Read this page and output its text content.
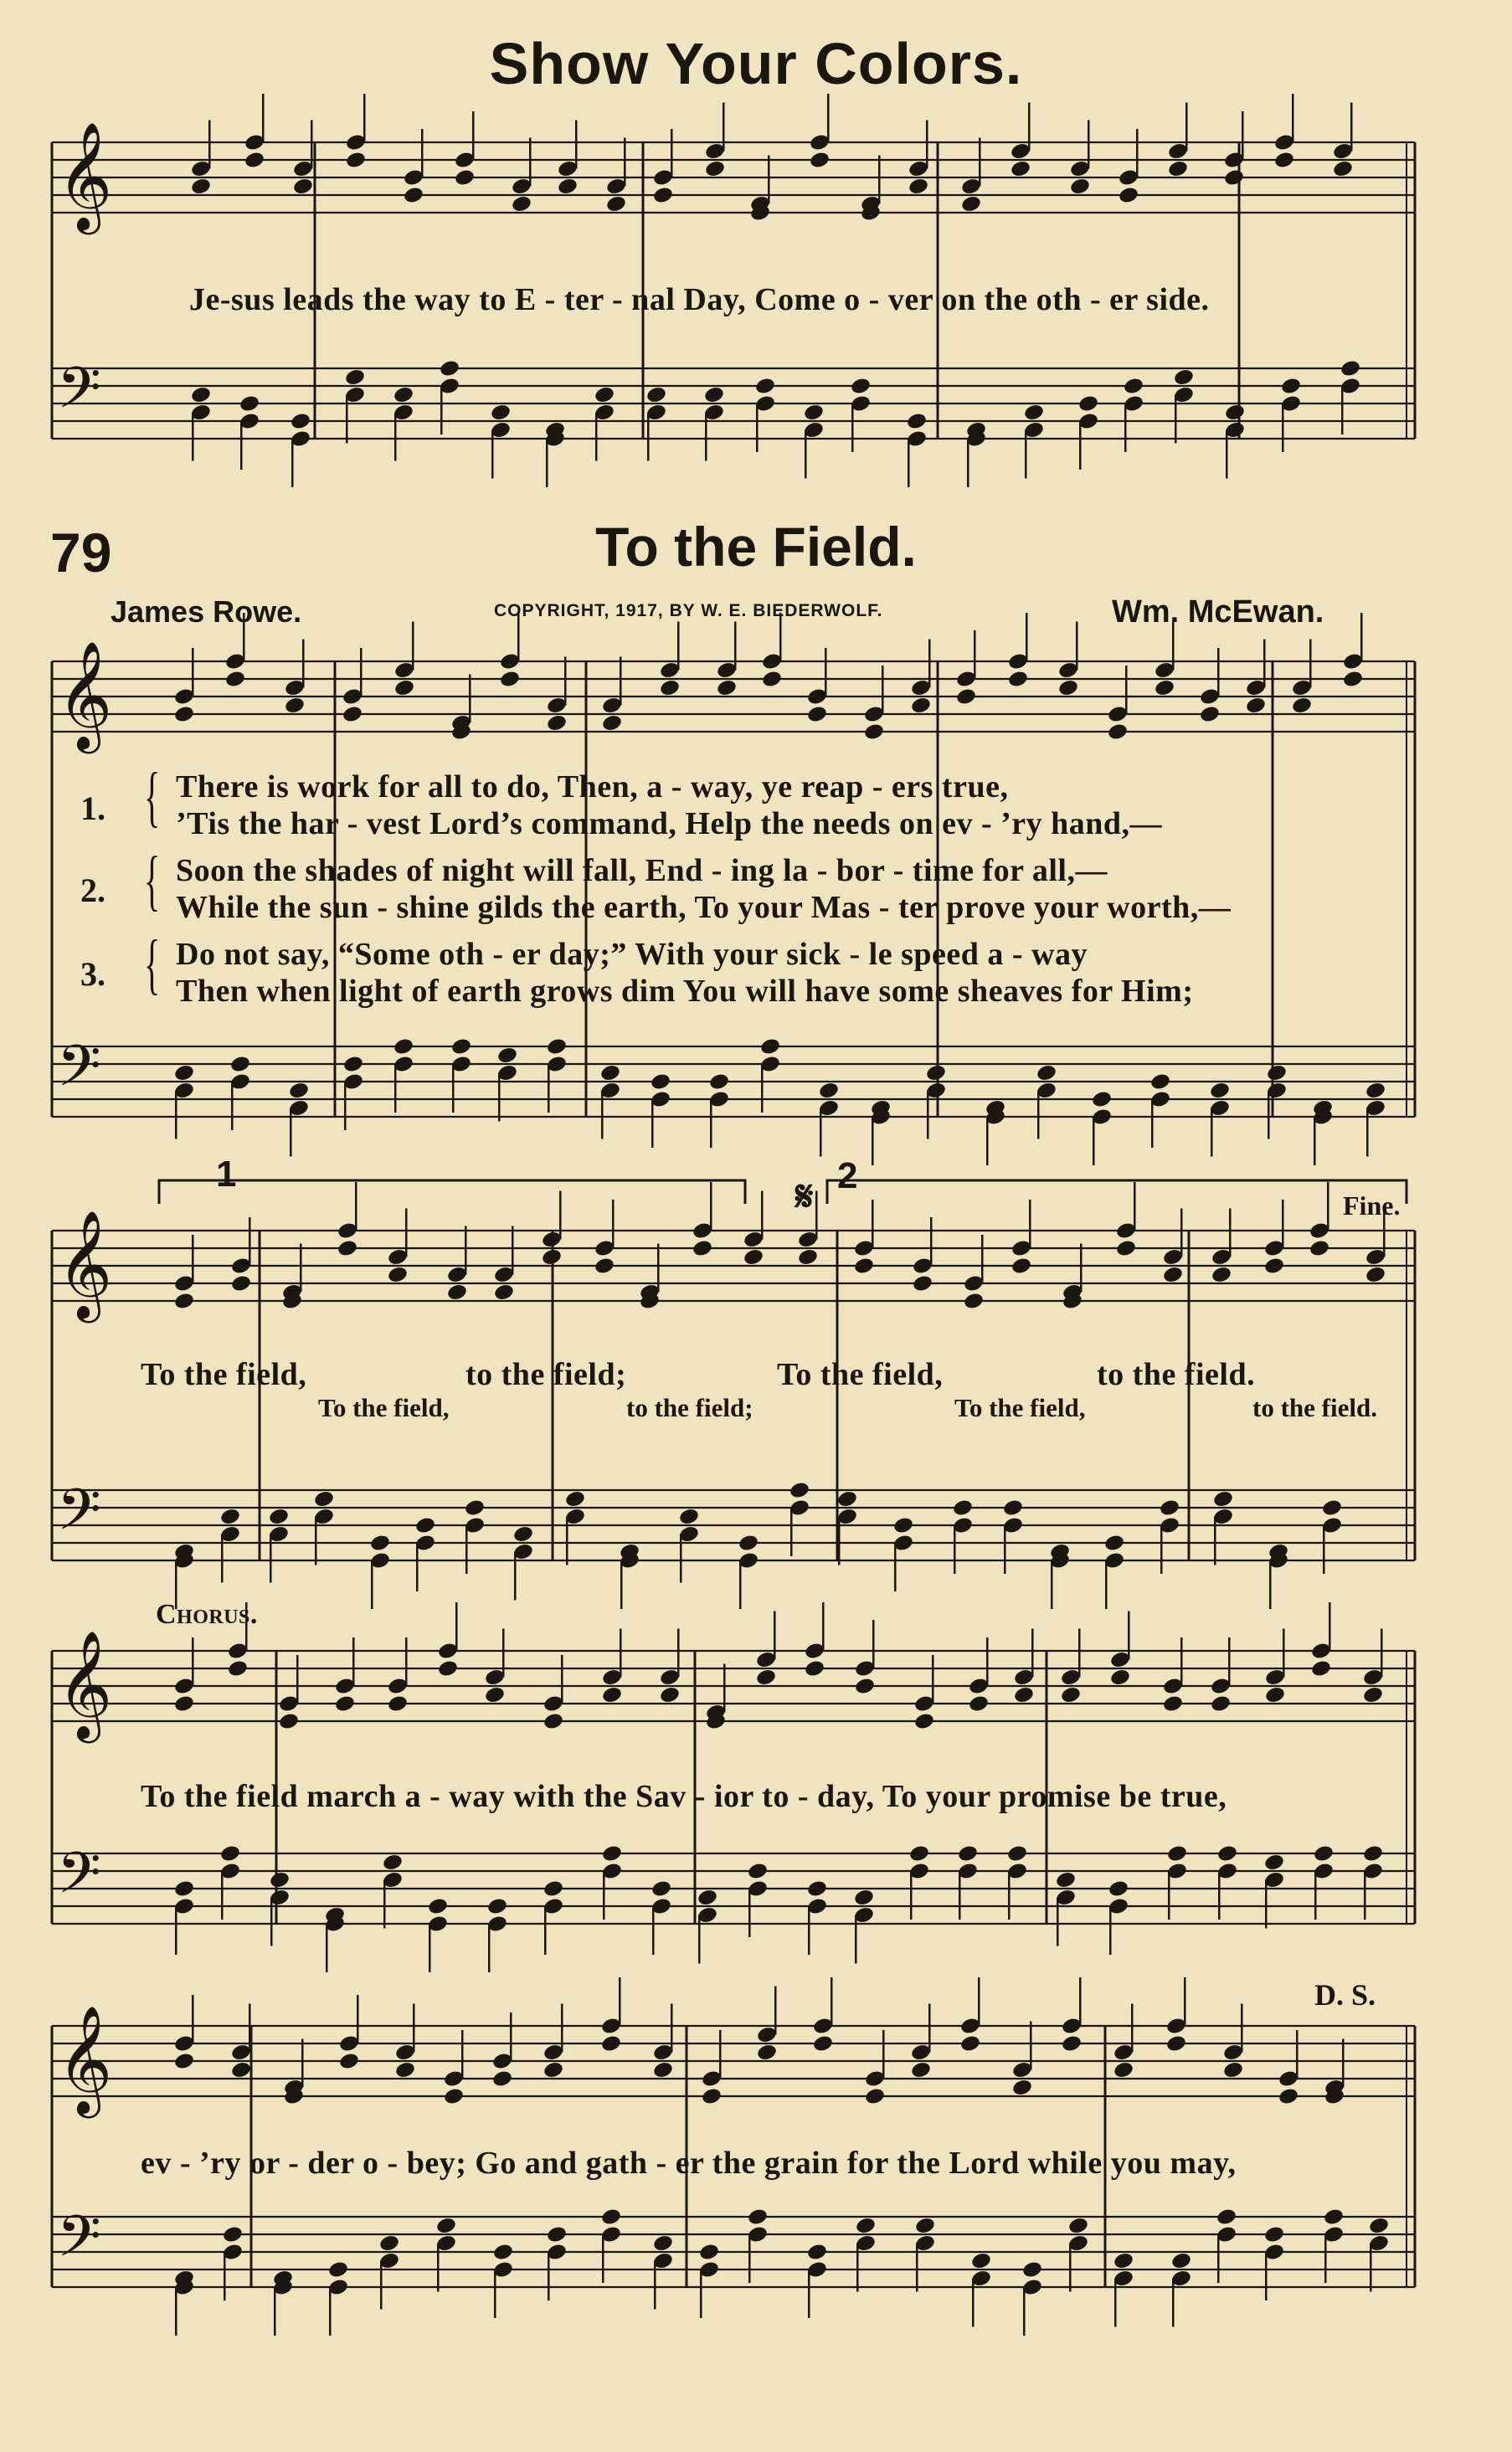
𝄞
𝄢
𝄞
𝄢
𝄞
𝄢
𝄞
𝄢
𝄞
𝄢
Show Your Colors.
Je-sus leads the way to E - ter - nal Day, Come o - ver on the oth - er side.
79	To the Field.
James Rowe.	COPYRIGHT, 1917, BY W. E. BIEDERWOLF.	Wm. McEwan.
1. { There is work for all to do, Then, a - way, ye reap - ers true,
’Tis the har - vest Lord’s command, Help the needs on ev - ’ry hand,—
2. { Soon the shades of night will fall, End - ing la - bor - time for all,—
While the sun - shine gilds the earth, To your Mas - ter prove your worth,—
3. { Do not say, “Some oth - er day;” With your sick - le speed a - way
Then when light of earth grows dim You will have some sheaves for Him;
1	2
𝄋	Fine.
To the field,	to the field;	To the field,	to the field.
To the field,	to the field;	To the field,	to the field.
Chorus.
To the field march a - way with the Sav - ior to - day, To your promise be true,
D. S.
ev - ’ry or - der o - bey; Go and gath - er the grain for the Lord while you may,
